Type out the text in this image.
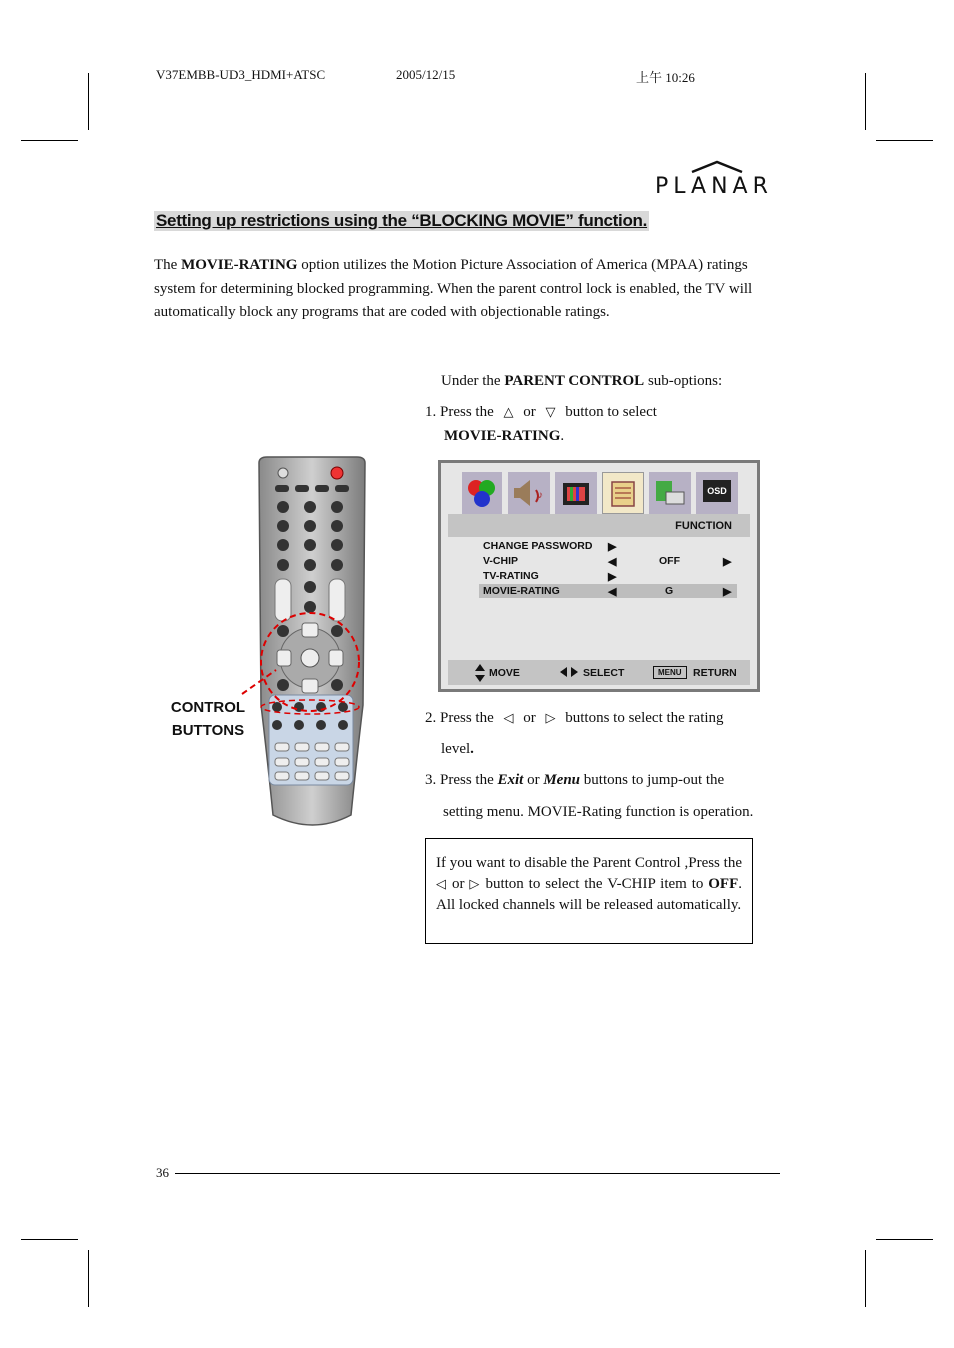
V37EMBB-UD3_HDMI+ATSC	2005/12/15	上午 10:26
PLANAR
Setting up restrictions using the “BLOCKING MOVIE” function.
The MOVIE-RATING option utilizes the Motion Picture Association of America (MPAA) ratings system for determining blocked programming. When the parent control lock is enabled, the TV will automatically block any programs that are coded with objectionable ratings.
Under the PARENT CONTROL sub-options:
1. Press the △ or ▽ button to select
MOVIE-RATING.
♪	OSD
FUNCTION
CHANGE PASSWORD ▶
V-CHIP	◀	OFF	▶
TV-RATING	▶
MOVIE-RATING	◀	G	▶
MOVE	SELECT	MENU	RETURN
2. Press the ◁ or ▷ buttons to select the rating
level.
3. Press the Exit or Menu buttons to jump-out the
setting menu. MOVIE-Rating function is operation.
If you want to disable the Parent Control ,Press the ◁ or ▷ button to select the V-CHIP item to OFF. All locked channels will be released automatically.
CONTROL
BUTTONS
36
